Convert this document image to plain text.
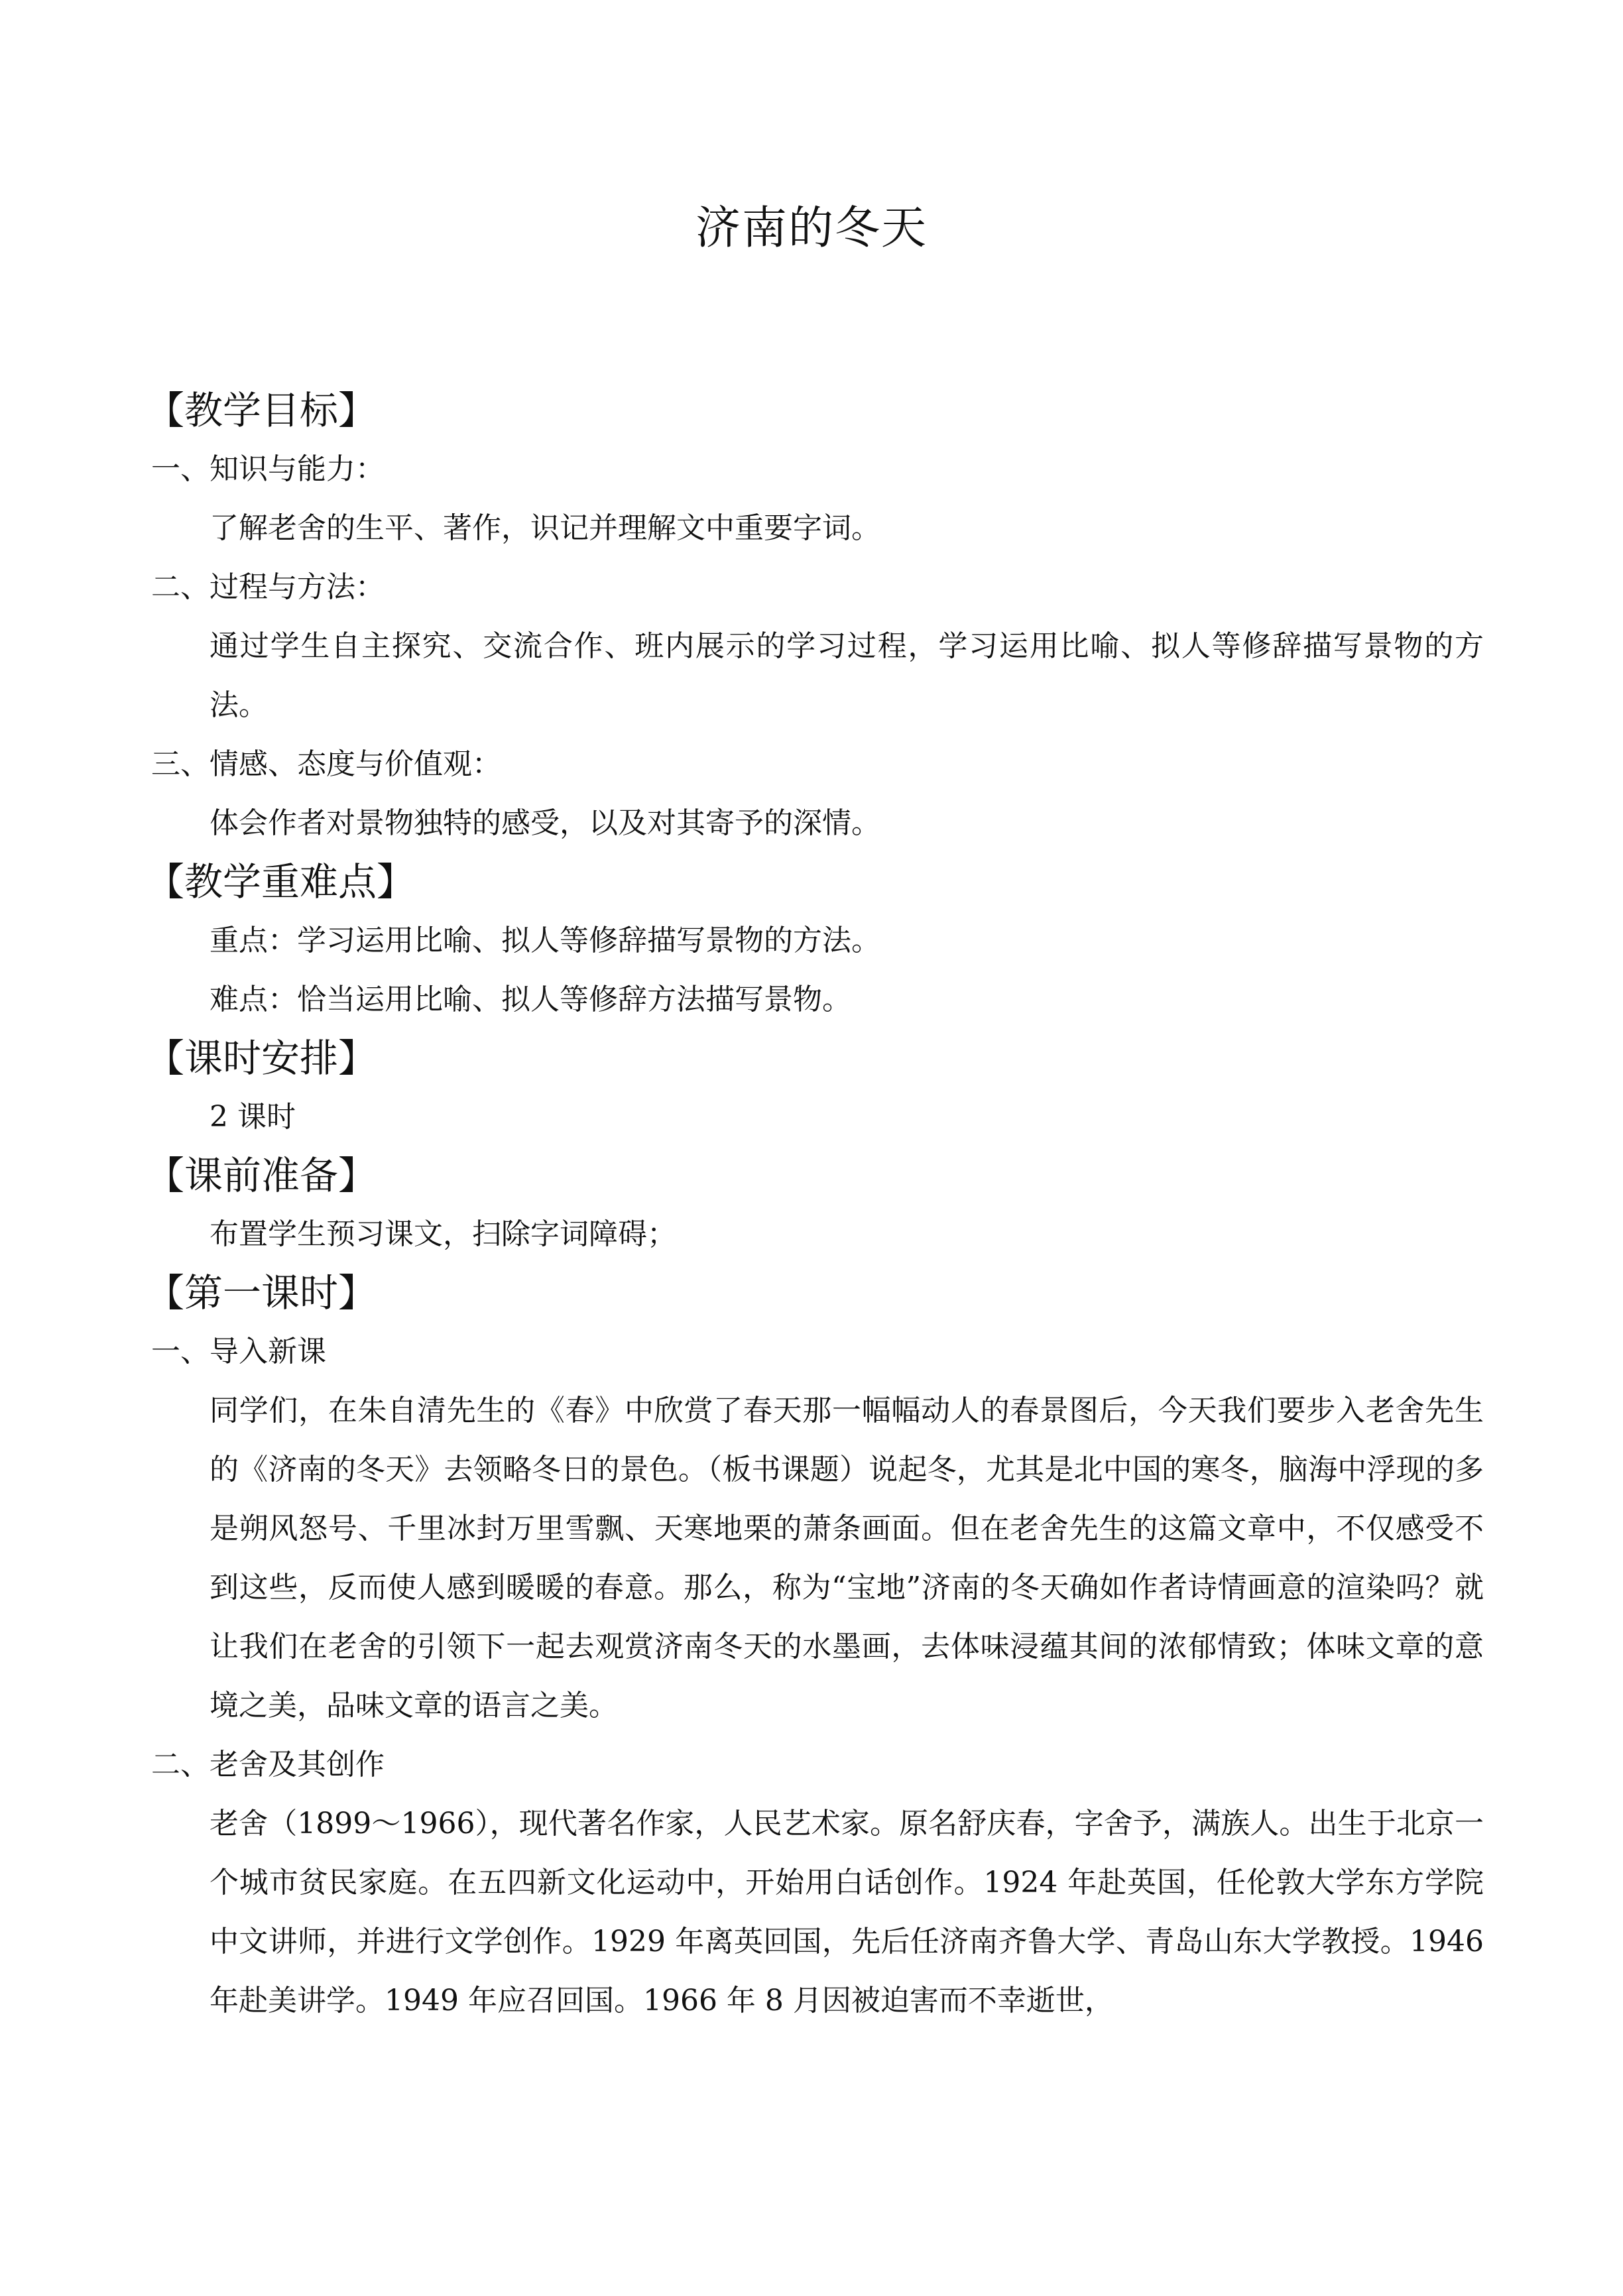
济南的冬天
【教学目标】
一、知识与能力：
了解老舍的生平、著作，识记并理解文中重要字词。
二、过程与方法：
通过学生自主探究、交流合作、班内展示的学习过程，学习运用比喻、拟人等修辞描写景物的方法。
三、情感、态度与价值观：
体会作者对景物独特的感受，以及对其寄予的深情。
【教学重难点】
重点：学习运用比喻、拟人等修辞描写景物的方法。
难点：恰当运用比喻、拟人等修辞方法描写景物。
【课时安排】
2 课时
【课前准备】
布置学生预习课文，扫除字词障碍；
【第一课时】
一、导入新课
同学们，在朱自清先生的《春》中欣赏了春天那一幅幅动人的春景图后，今天我们要步入老舍先生的《济南的冬天》去领略冬日的景色。（板书课题）说起冬，尤其是北中国的寒冬，脑海中浮现的多是朔风怒号、千里冰封万里雪飘、天寒地栗的萧条画面。但在老舍先生的这篇文章中，不仅感受不到这些，反而使人感到暖暖的春意。那么，称为“宝地”济南的冬天确如作者诗情画意的渲染吗？就让我们在老舍的引领下一起去观赏济南冬天的水墨画，去体味浸蕴其间的浓郁情致；体味文章的意境之美，品味文章的语言之美。
二、老舍及其创作
老舍（1899～1966），现代著名作家，人民艺术家。原名舒庆春，字舍予，满族人。出生于北京一个城市贫民家庭。在五四新文化运动中，开始用白话创作。1924 年赴英国，任伦敦大学东方学院中文讲师，并进行文学创作。1929 年离英回国，先后任济南齐鲁大学、青岛山东大学教授。1946 年赴美讲学。1949 年应召回国。1966 年 8 月因被迫害而不幸逝世，
